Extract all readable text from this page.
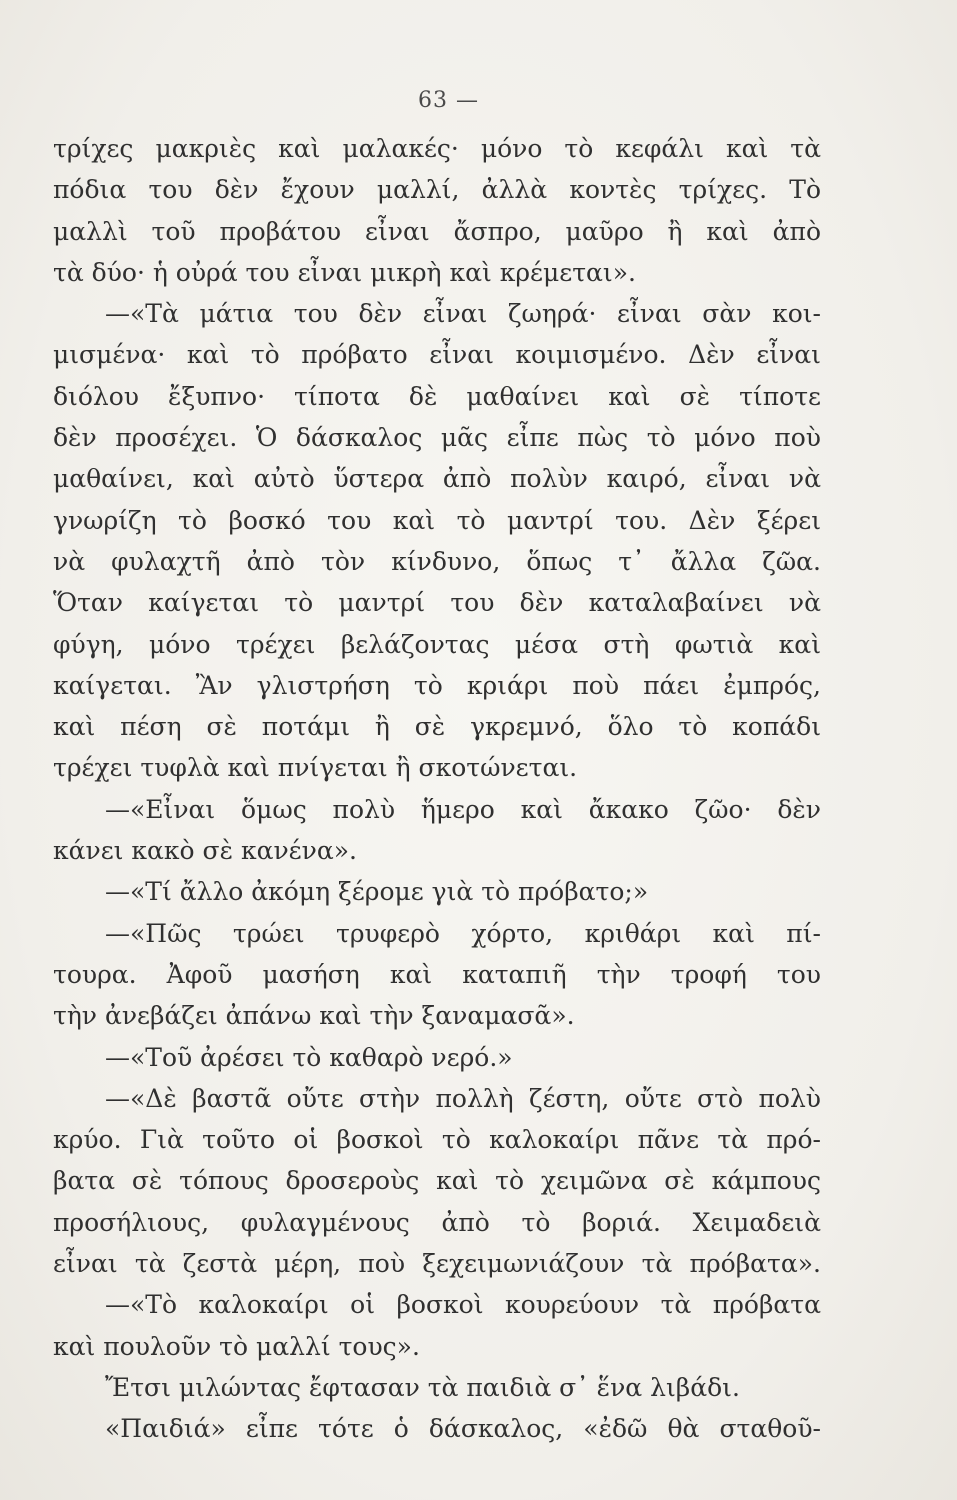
63 —
τρίχες μακριὲς καὶ μαλακές· μόνο τὸ κεφάλι καὶ τὰ
πόδια του δὲν ἔχουν μαλλί, ἀλλὰ κοντὲς τρίχες. Τὸ
μαλλὶ τοῦ προβάτου εἶναι ἄσπρο, μαῦρο ἢ καὶ ἀπὸ
τὰ δύο· ἡ οὐρά του εἶναι μικρὴ καὶ κρέμεται».
—«Τὰ μάτια του δὲν εἶναι ζωηρά· εἶναι σὰν κοι-
μισμένα· καὶ τὸ πρόβατο εἶναι κοιμισμένο. Δὲν εἶναι
διόλου ἔξυπνο· τίποτα δὲ μαθαίνει καὶ σὲ τίποτε
δὲν προσέχει. Ὁ δάσκαλος μᾶς εἶπε πὼς τὸ μόνο ποὺ
μαθαίνει, καὶ αὐτὸ ὕστερα ἀπὸ πολὺν καιρό, εἶναι νὰ
γνωρίζη τὸ βοσκό του καὶ τὸ μαντρί του. Δὲν ξέρει
νὰ φυλαχτῆ ἀπὸ τὸν κίνδυνο, ὅπως τ᾽ ἄλλα ζῶα.
Ὅταν καίγεται τὸ μαντρί του δὲν καταλαβαίνει νὰ
φύγη, μόνο τρέχει βελάζοντας μέσα στὴ φωτιὰ καὶ
καίγεται. Ἂν γλιστρήση τὸ κριάρι ποὺ πάει ἐμπρός,
καὶ πέση σὲ ποτάμι ἢ σὲ γκρεμνό, ὅλο τὸ κοπάδι
τρέχει τυφλὰ καὶ πνίγεται ἢ σκοτώνεται.
—«Εἶναι ὅμως πολὺ ἥμερο καὶ ἄκακο ζῶο· δὲν
κάνει κακὸ σὲ κανένα».
—«Τί ἄλλο ἀκόμη ξέρομε γιὰ τὸ πρόβατο;»
—«Πῶς τρώει τρυφερὸ χόρτο, κριθάρι καὶ πί-
τουρα. Ἀφοῦ μασήση καὶ καταπιῆ τὴν τροφή του
τὴν ἀνεβάζει ἀπάνω καὶ τὴν ξαναμασᾶ».
—«Τοῦ ἀρέσει τὸ καθαρὸ νερό.»
—«Δὲ βαστᾶ οὔτε στὴν πολλὴ ζέστη, οὔτε στὸ πολὺ
κρύο. Γιὰ τοῦτο οἱ βοσκοὶ τὸ καλοκαίρι πᾶνε τὰ πρό-
βατα σὲ τόπους δροσεροὺς καὶ τὸ χειμῶνα σὲ κάμπους
προσήλιους, φυλαγμένους ἀπὸ τὸ βοριά. Χειμαδειὰ
εἶναι τὰ ζεστὰ μέρη, ποὺ ξεχειμωνιάζουν τὰ πρόβατα».
—«Τὸ καλοκαίρι οἱ βοσκοὶ κουρεύουν τὰ πρόβατα
καὶ πουλοῦν τὸ μαλλί τους».
Ἔτσι μιλώντας ἔφτασαν τὰ παιδιὰ σ᾽ ἕνα λιβάδι.
«Παιδιά» εἶπε τότε ὁ δάσκαλος, «ἐδῶ θὰ σταθοῦ-
